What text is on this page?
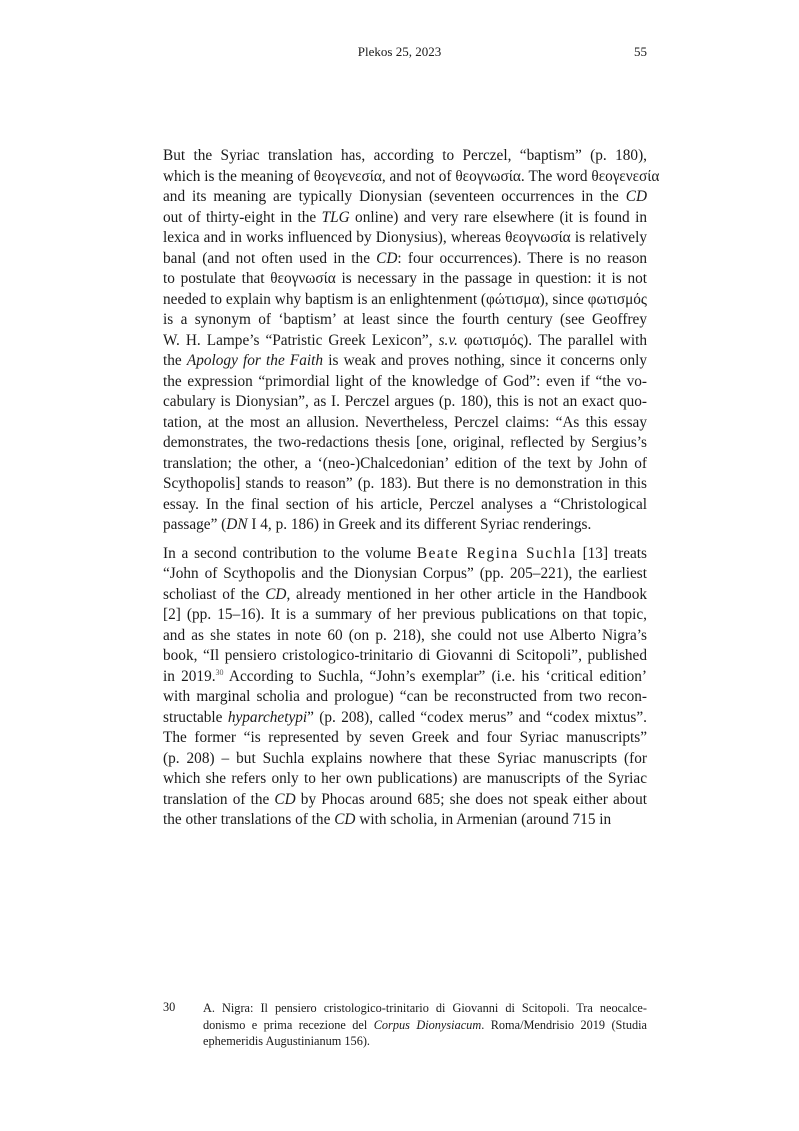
Plekos 25, 2023	55
But the Syriac translation has, according to Perczel, “baptism” (p. 180),
which is the meaning of θεογενεσία, and not of θεογνωσία. The word θεογενεσία
and its meaning are typically Dionysian (seventeen occurrences in the CD
out of thirty-eight in the TLG online) and very rare elsewhere (it is found in
lexica and in works influenced by Dionysius), whereas θεογνωσία is relatively
banal (and not often used in the CD: four occurrences). There is no reason
to postulate that θεογνωσία is necessary in the passage in question: it is not
needed to explain why baptism is an enlightenment (φώτισμα), since φωτισμός
is a synonym of ‘baptism’ at least since the fourth century (see Geoffrey
W. H. Lampe’s “Patristic Greek Lexicon”, s.v. φωτισμός). The parallel with
the Apology for the Faith is weak and proves nothing, since it concerns only
the expression “primordial light of the knowledge of God”: even if “the vo-
cabulary is Dionysian”, as I. Perczel argues (p. 180), this is not an exact quo-
tation, at the most an allusion. Nevertheless, Perczel claims: “As this essay
demonstrates, the two-redactions thesis [one, original, reflected by Sergius’s
translation; the other, a ‘(neo-)Chalcedonian’ edition of the text by John of
Scythopolis] stands to reason” (p. 183). But there is no demonstration in this
essay. In the final section of his article, Perczel analyses a “Christological
passage” (DN I 4, p. 186) in Greek and its different Syriac renderings.
In a second contribution to the volume Beate Regina Suchla [13] treats
“John of Scythopolis and the Dionysian Corpus” (pp. 205–221), the earliest
scholiast of the CD, already mentioned in her other article in the Handbook
[2] (pp. 15–16). It is a summary of her previous publications on that topic,
and as she states in note 60 (on p. 218), she could not use Alberto Nigra’s
book, “Il pensiero cristologico-trinitario di Giovanni di Scitopoli”, published
in 2019.30 According to Suchla, “John’s exemplar” (i.e. his ‘critical edition’
with marginal scholia and prologue) “can be reconstructed from two recon-
structable hyparchetypi” (p. 208), called “codex merus” and “codex mixtus”.
The former “is represented by seven Greek and four Syriac manuscripts”
(p. 208) – but Suchla explains nowhere that these Syriac manuscripts (for
which she refers only to her own publications) are manuscripts of the Syriac
translation of the CD by Phocas around 685; she does not speak either about
the other translations of the CD with scholia, in Armenian (around 715 in
30 A. Nigra: Il pensiero cristologico-trinitario di Giovanni di Scitopoli. Tra neocalce-
donismo e prima recezione del Corpus Dionysiacum. Roma/Mendrisio 2019 (Studia
ephemeridis Augustinianum 156).
